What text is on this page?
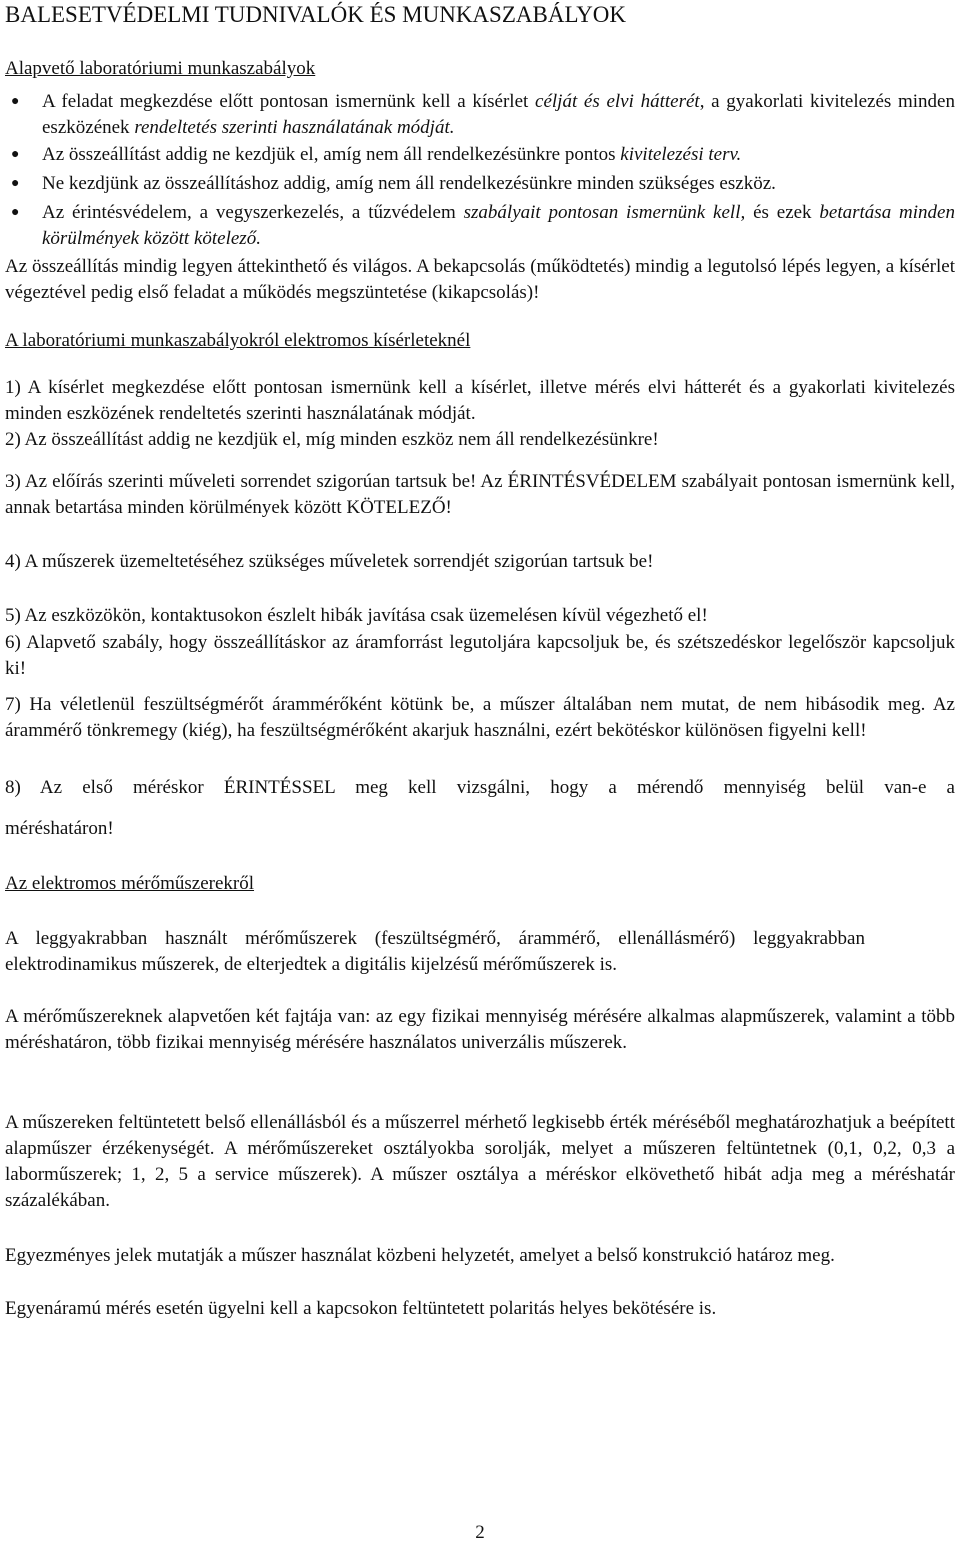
BALESETVÉDELMI TUDNIVALÓK ÉS MUNKASZABÁLYOK
Alapvető laboratóriumi munkaszabályok
● A feladat megkezdése előtt pontosan ismernünk kell a kísérlet célját és elvi hátterét, a gyakorlati kivitelezés minden eszközének rendeltetés szerinti használatának módját.
● Az összeállítást addig ne kezdjük el, amíg nem áll rendelkezésünkre pontos kivitelezési terv.
● Ne kezdjünk az összeállításhoz addig, amíg nem áll rendelkezésünkre minden szükséges eszköz.
● Az érintésvédelem, a vegyszerkezelés, a tűzvédelem szabályait pontosan ismernünk kell, és ezek betartása minden körülmények között kötelező.
Az összeállítás mindig legyen áttekinthető és világos. A bekapcsolás (működtetés) mindig a legutolsó lépés legyen, a kísérlet végeztével pedig első feladat a működés megszüntetése (kikapcsolás)!
A laboratóriumi munkaszabályokról elektromos kísérleteknél
1) A kísérlet megkezdése előtt pontosan ismernünk kell a kísérlet, illetve mérés elvi hátterét és a gyakorlati kivitelezés minden eszközének rendeltetés szerinti használatának módját.
2) Az összeállítást addig ne kezdjük el, míg minden eszköz nem áll rendelkezésünkre!
3) Az előírás szerinti műveleti sorrendet szigorúan tartsuk be! Az ÉRINTÉSVÉDELEM szabályait pontosan ismernünk kell, annak betartása minden körülmények között KÖTELEZŐ!
4) A műszerek üzemeltetéséhez szükséges műveletek sorrendjét szigorúan tartsuk be!
5) Az eszközökön, kontaktusokon észlelt hibák javítása csak üzemelésen kívül végezhető el!
6) Alapvető szabály, hogy összeállításkor az áramforrást legutoljára kapcsoljuk be, és szétszedéskor legelőször kapcsoljuk ki!
7) Ha véletlenül feszültségmérőt árammérőként kötünk be, a műszer általában nem mutat, de nem hibásodik meg. Az árammérő tönkremegy (kiég), ha feszültségmérőként akarjuk használni, ezért bekötéskor különösen figyelni kell!
8) Az első méréskor ÉRINTÉSSEL meg kell vizsgálni, hogy a mérendő mennyiség belül van-e a
méréshatáron!
Az elektromos mérőműszerekről
A leggyakrabban használt mérőműszerek (feszültségmérő, árammérő, ellenállásmérő) leggyakrabban elektrodinamikus műszerek, de elterjedtek a digitális kijelzésű mérőműszerek is.
A mérőműszereknek alapvetően két fajtája van: az egy fizikai mennyiség mérésére alkalmas alapműszerek, valamint a több méréshatáron, több fizikai mennyiség mérésére használatos univerzális műszerek.
A műszereken feltüntetett belső ellenállásból és a műszerrel mérhető legkisebb érték méréséből meghatározhatjuk a beépített alapműszer érzékenységét. A mérőműszereket osztályokba sorolják, melyet a műszeren feltüntetnek (0,1, 0,2, 0,3 a laborműszerek; 1, 2, 5 a service műszerek). A műszer osztálya a méréskor elkövethető hibát adja meg a méréshatár százalékában.
Egyezményes jelek mutatják a műszer használat közbeni helyzetét, amelyet a belső konstrukció határoz meg.
Egyenáramú mérés esetén ügyelni kell a kapcsokon feltüntetett polaritás helyes bekötésére is.
2
